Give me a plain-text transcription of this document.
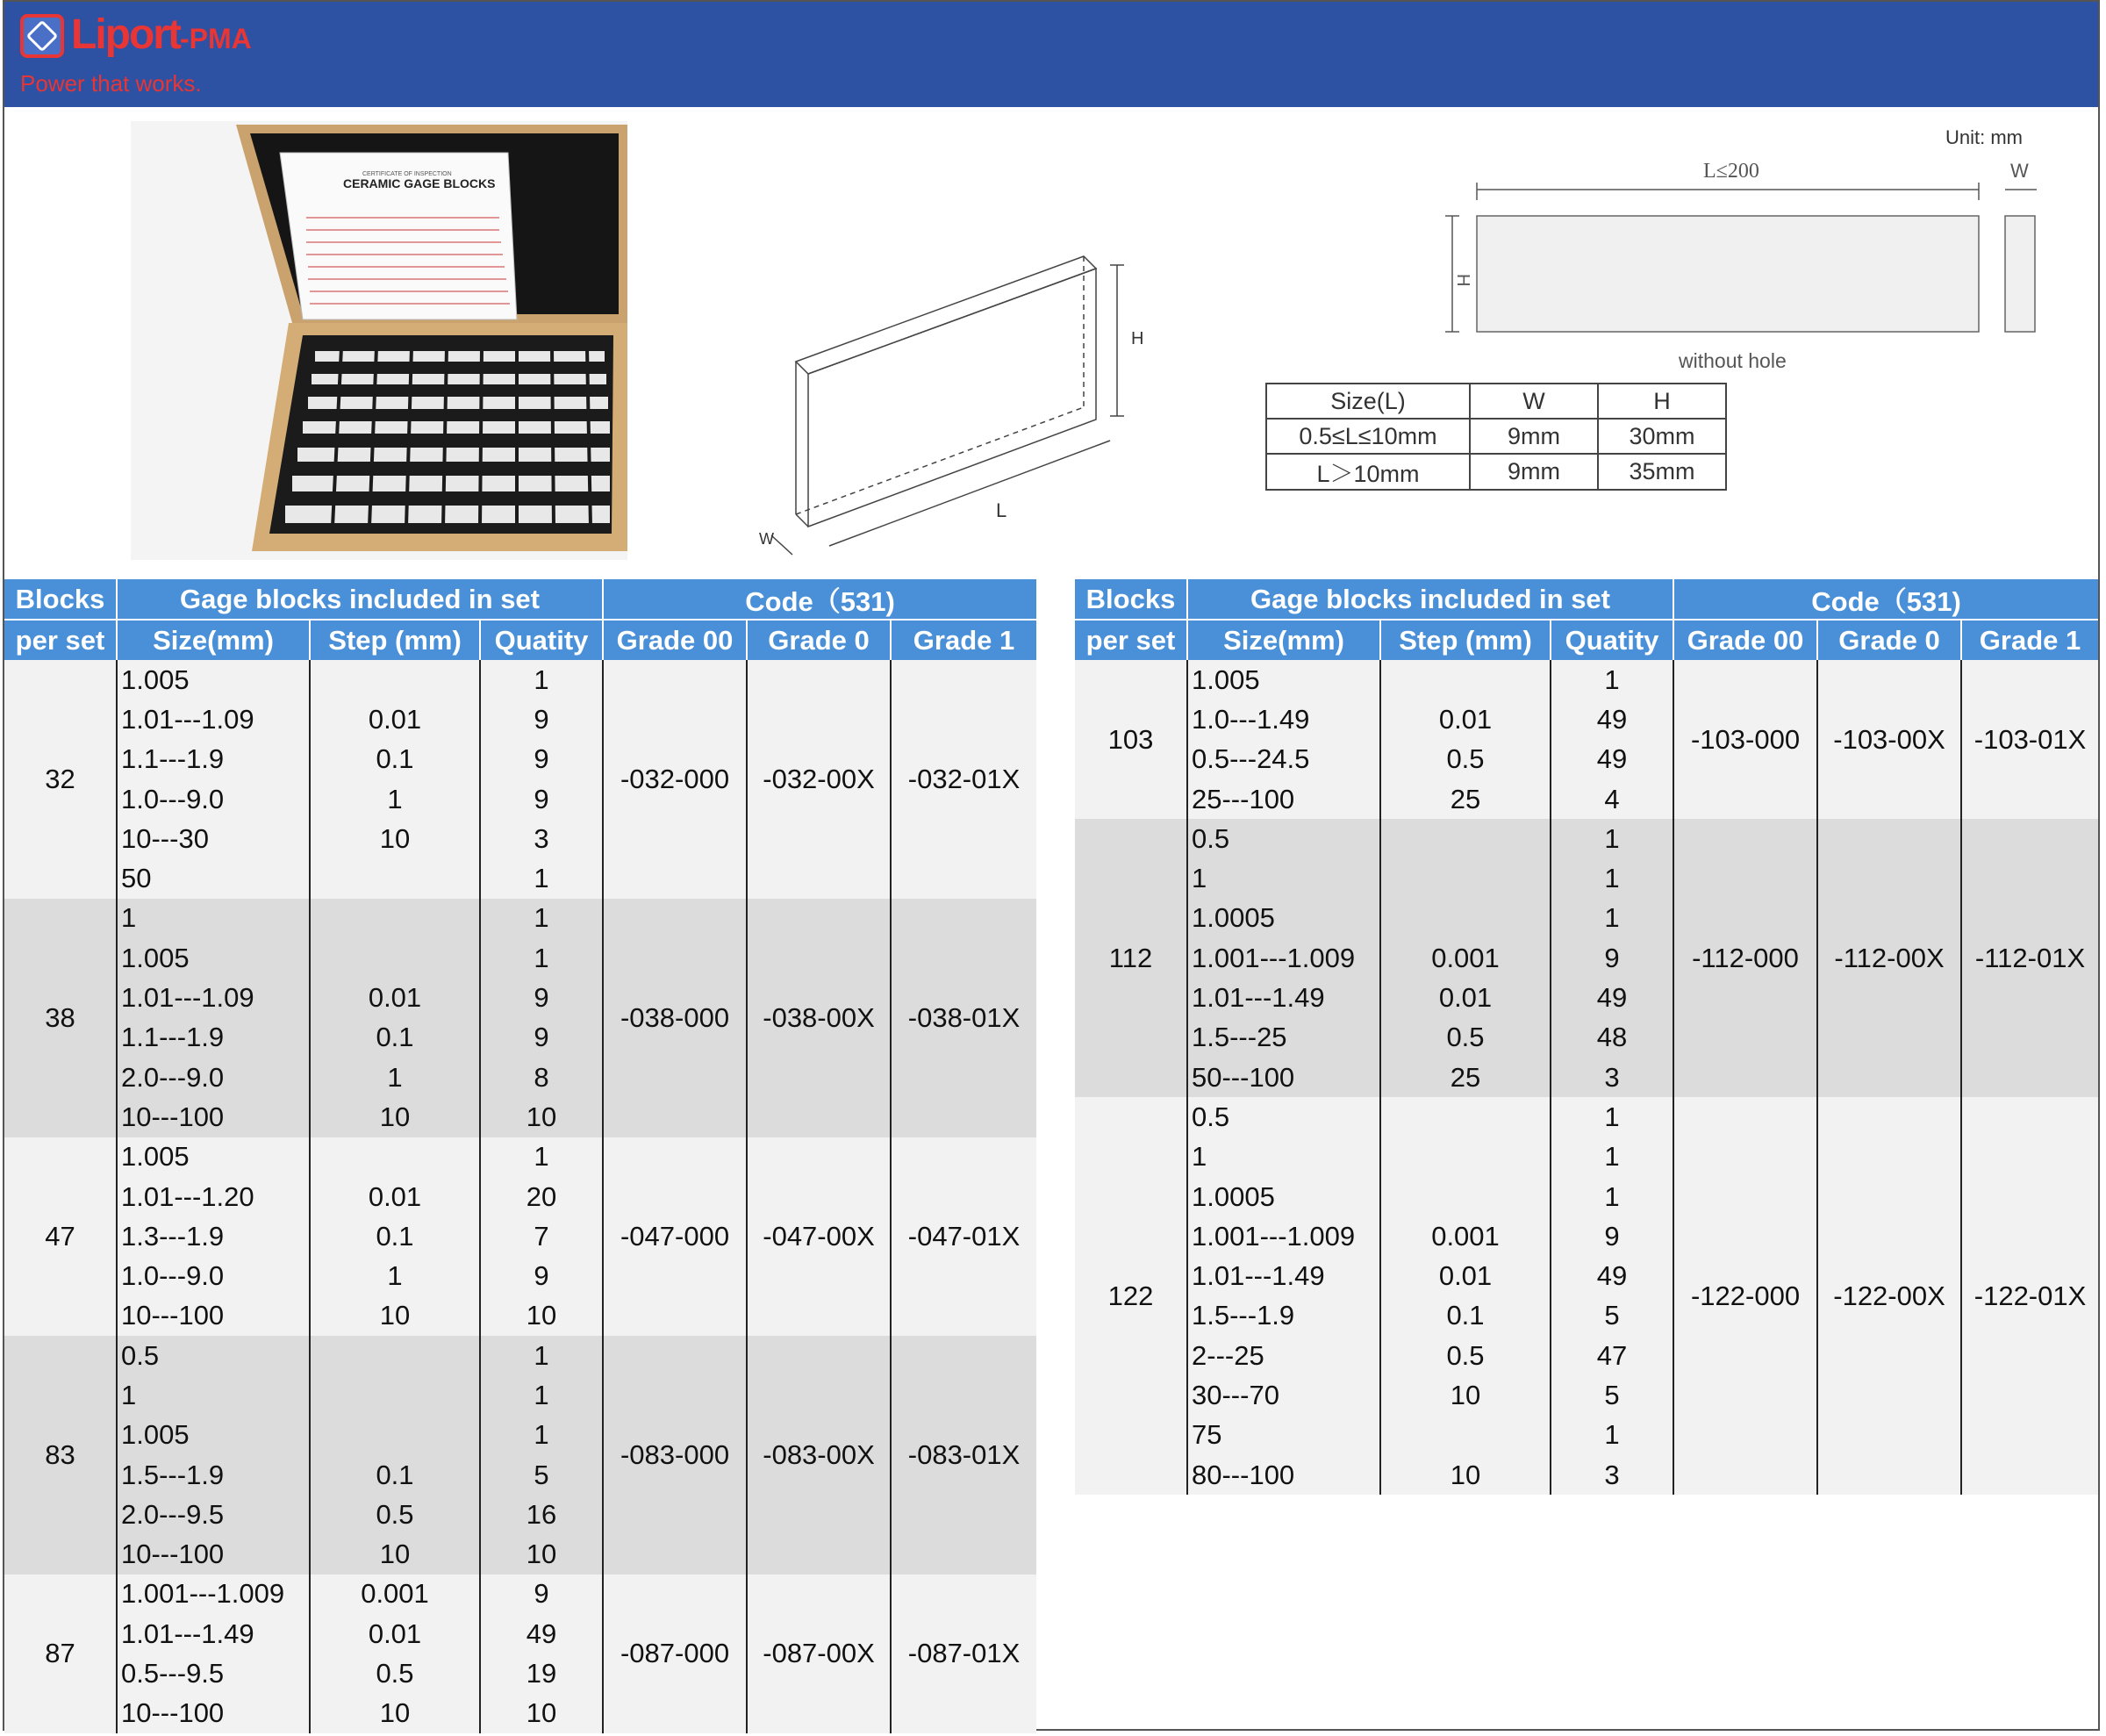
Liport-PMA
Power that works.
CERAMIC GAGE BLOCKS
CERTIFICATE OF INSPECTION
H
L
W
Unit: mm
L≤200	W
H
without hole
Size(L)	W	H
0.5≤L≤10mm	9mm	30mm
L＞10mm	9mm	35mm
Blocks	Gage blocks included in set			Code（531)		
per set	Size(mm)	Step (mm)	Quatity	Grade 00	Grade 0	Grade 1
32	1.005		1	-032-000	-032-00X	-032-01X
	1.01---1.09	0.01	9			
	1.1---1.9	0.1	9			
	1.0---9.0	1	9			
	10---30	10	3			
	50		1			
38	1		1	-038-000	-038-00X	-038-01X
	1.005		1			
	1.01---1.09	0.01	9			
	1.1---1.9	0.1	9			
	2.0---9.0	1	8			
	10---100	10	10			
47	1.005		1	-047-000	-047-00X	-047-01X
	1.01---1.20	0.01	20			
	1.3---1.9	0.1	7			
	1.0---9.0	1	9			
	10---100	10	10			
83	0.5		1	-083-000	-083-00X	-083-01X
	1		1			
	1.005		1			
	1.5---1.9	0.1	5			
	2.0---9.5	0.5	16			
	10---100	10	10			
87	1.001---1.009	0.001	9	-087-000	-087-00X	-087-01X
	1.01---1.49	0.01	49			
	0.5---9.5	0.5	19			
	10---100	10	10			
Blocks	Gage blocks included in set			Code（531)		
per set	Size(mm)	Step (mm)	Quatity	Grade 00	Grade 0	Grade 1
103	1.005		1	-103-000	-103-00X	-103-01X
	1.0---1.49	0.01	49			
	0.5---24.5	0.5	49			
	25---100	25	4			
112	0.5		1	-112-000	-112-00X	-112-01X
	1		1			
	1.0005		1			
	1.001---1.009	0.001	9			
	1.01---1.49	0.01	49			
	1.5---25	0.5	48			
	50---100	25	3			
122	0.5		1	-122-000	-122-00X	-122-01X
	1		1			
	1.0005		1			
	1.001---1.009	0.001	9			
	1.01---1.49	0.01	49			
	1.5---1.9	0.1	5			
	2---25	0.5	47			
	30---70	10	5			
	75		1			
	80---100	10	3			
